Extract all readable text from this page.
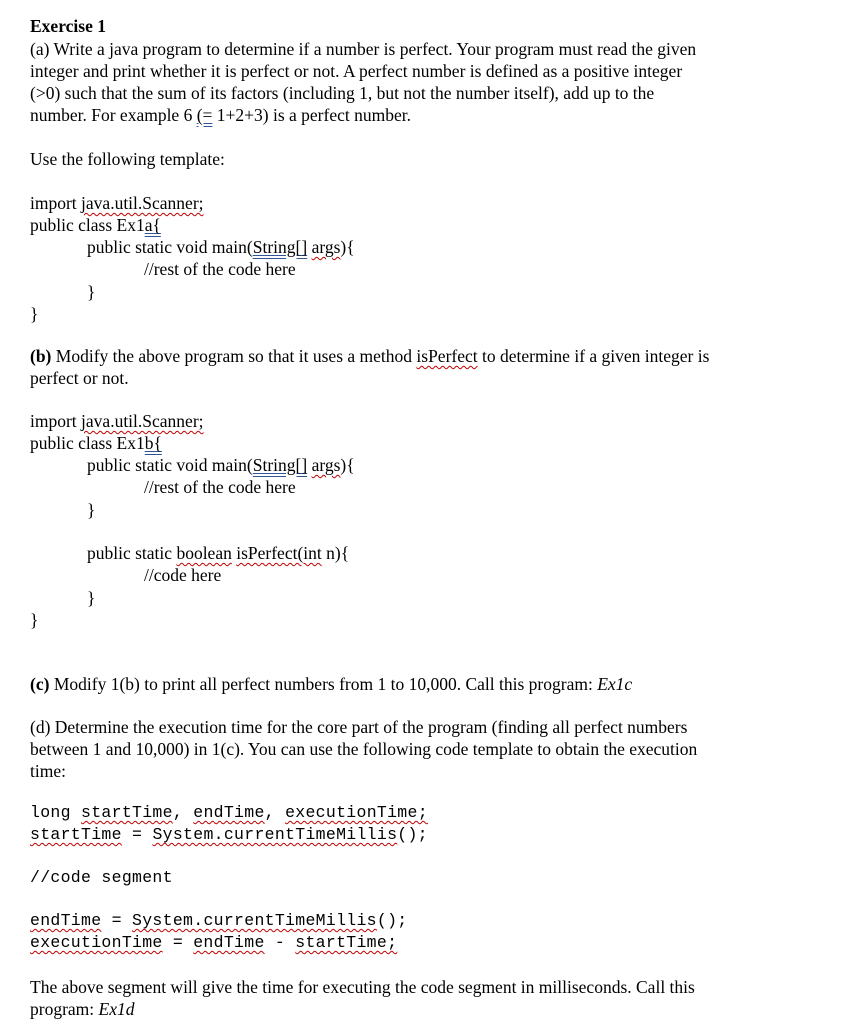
Exercise 1
(a) Write a java program to determine if a number is perfect. Your program must read the given
integer and print whether it is perfect or not. A perfect number is defined as a positive integer
(>0) such that the sum of its factors (including 1, but not the number itself), add up to the
number. For example 6 (= 1+2+3) is a perfect number.
Use the following template:
import java.util.Scanner;
public class Ex1a{
public static void main(String[] args){
//rest of the code here
}
}
(b) Modify the above program so that it uses a method isPerfect to determine if a given integer is
perfect or not.
import java.util.Scanner;
public class Ex1b{
public static void main(String[] args){
//rest of the code here
}
public static boolean isPerfect(int n){
//code here
}
}
(c) Modify 1(b) to print all perfect numbers from 1 to 10,000. Call this program: Ex1c
(d) Determine the execution time for the core part of the program (finding all perfect numbers
between 1 and 10,000) in 1(c). You can use the following code template to obtain the execution
time:
long startTime, endTime, executionTime;
startTime = System.currentTimeMillis();
//code segment
endTime = System.currentTimeMillis();
executionTime = endTime - startTime;
The above segment will give the time for executing the code segment in milliseconds. Call this
program: Ex1d
